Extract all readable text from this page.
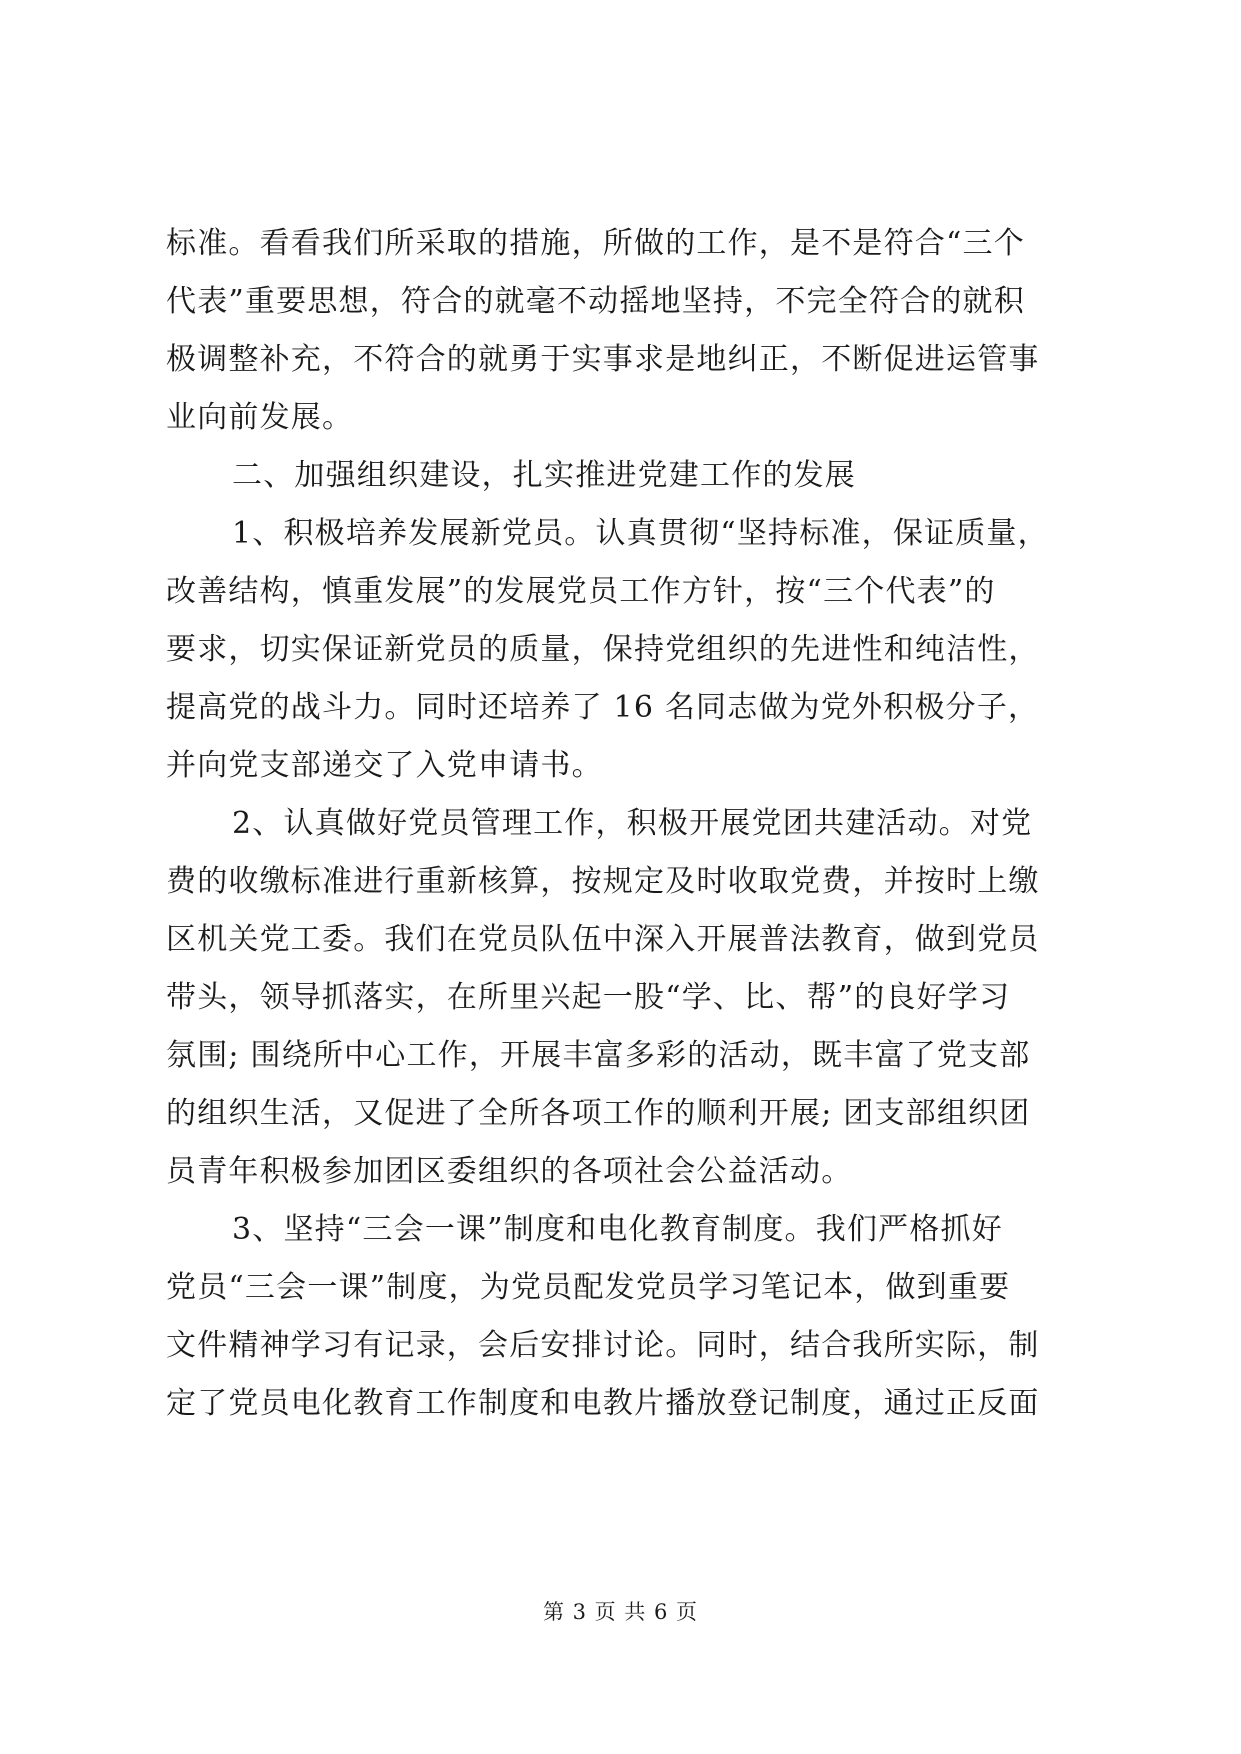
标准。看看我们所采取的措施，所做的工作，是不是符合“三个
代表”重要思想，符合的就毫不动摇地坚持，不完全符合的就积
极调整补充，不符合的就勇于实事求是地纠正，不断促进运管事
业向前发展。
二、加强组织建设，扎实推进党建工作的发展
1、积极培养发展新党员。认真贯彻“坚持标准，保证质量，
改善结构，慎重发展”的发展党员工作方针，按“三个代表”的
要求，切实保证新党员的质量，保持党组织的先进性和纯洁性，
提高党的战斗力。同时还培养了 16 名同志做为党外积极分子，
并向党支部递交了入党申请书。
2、认真做好党员管理工作，积极开展党团共建活动。对党
费的收缴标准进行重新核算，按规定及时收取党费，并按时上缴
区机关党工委。我们在党员队伍中深入开展普法教育，做到党员
带头，领导抓落实，在所里兴起一股“学、比、帮”的良好学习
氛围; 围绕所中心工作，开展丰富多彩的活动，既丰富了党支部
的组织生活，又促进了全所各项工作的顺利开展; 团支部组织团
员青年积极参加团区委组织的各项社会公益活动。
3、坚持“三会一课”制度和电化教育制度。我们严格抓好
党员“三会一课”制度，为党员配发党员学习笔记本，做到重要
文件精神学习有记录，会后安排讨论。同时，结合我所实际，制
定了党员电化教育工作制度和电教片播放登记制度，通过正反面
第 3 页 共 6 页
